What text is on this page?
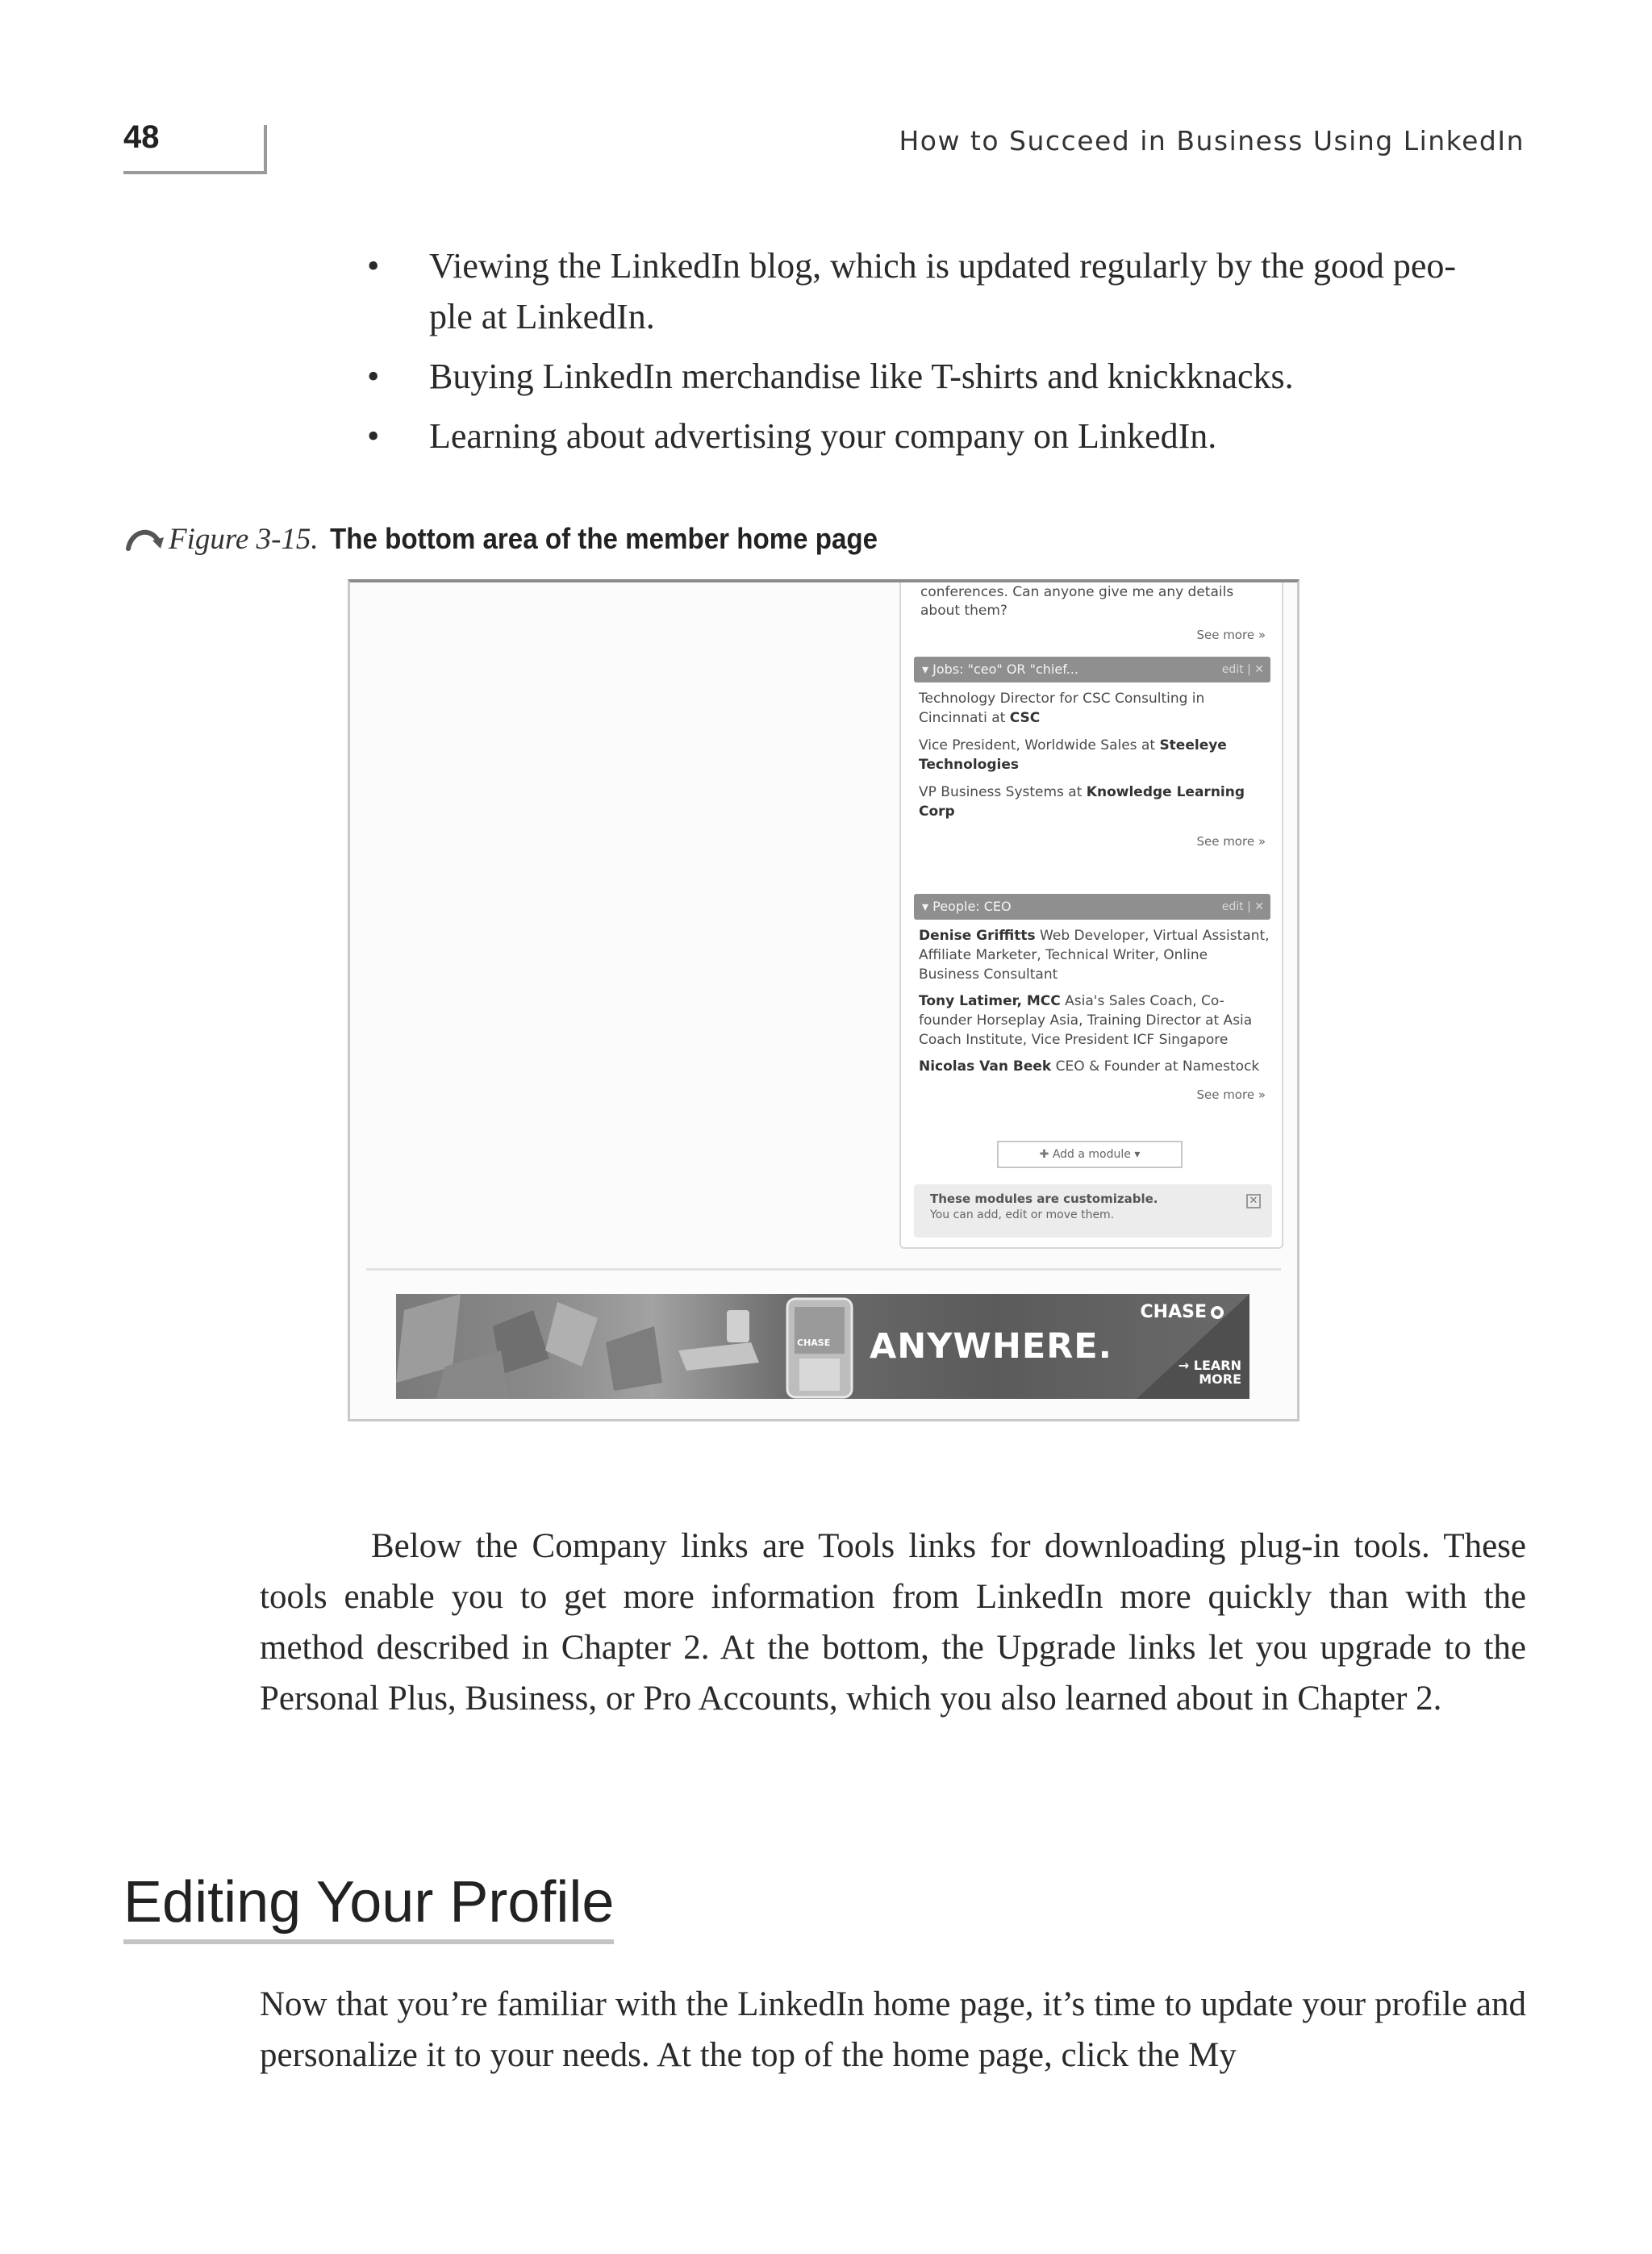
48	How to Succeed in Business Using LinkedIn
• Viewing the LinkedIn blog, which is updated regularly by the good peo-
ple at LinkedIn.
• Buying LinkedIn merchandise like T-shirts and knickknacks.
• Learning about advertising your company on LinkedIn.
Figure 3-15. The bottom area of the member home page
conferences. Can anyone give me any details
about them?
See more »
▾ Jobs: "ceo" OR "chief...	edit | ✕
Technology Director for CSC Consulting in
Cincinnati at CSC
Vice President, Worldwide Sales at Steeleye
Technologies
VP Business Systems at Knowledge Learning
Corp
See more »
▾ People: CEO	edit | ✕
Denise Griffitts Web Developer, Virtual Assistant,
Affiliate Marketer, Technical Writer, Online
Business Consultant
Tony Latimer, MCC Asia's Sales Coach, Co-
founder Horseplay Asia, Training Director at Asia
Coach Institute, Vice President ICF Singapore
Nicolas Van Beek CEO & Founder at Namestock
See more »
✚ Add a module ▾
These modules are customizable.
You can add, edit or move them.
✕
CHASE ANYWHERE.
CHASE
→ LEARN
MORE
Below the Company links are Tools links for downloading plug-in tools. These tools enable you to get more information from LinkedIn more quickly than with the method described in Chapter 2. At the bottom, the Upgrade links let you upgrade to the Personal Plus, Business, or Pro Accounts, which you also learned about in Chapter 2.
Editing Your Profile
Now that you’re familiar with the LinkedIn home page, it’s time to update your profile and personalize it to your needs. At the top of the home page, click the My
